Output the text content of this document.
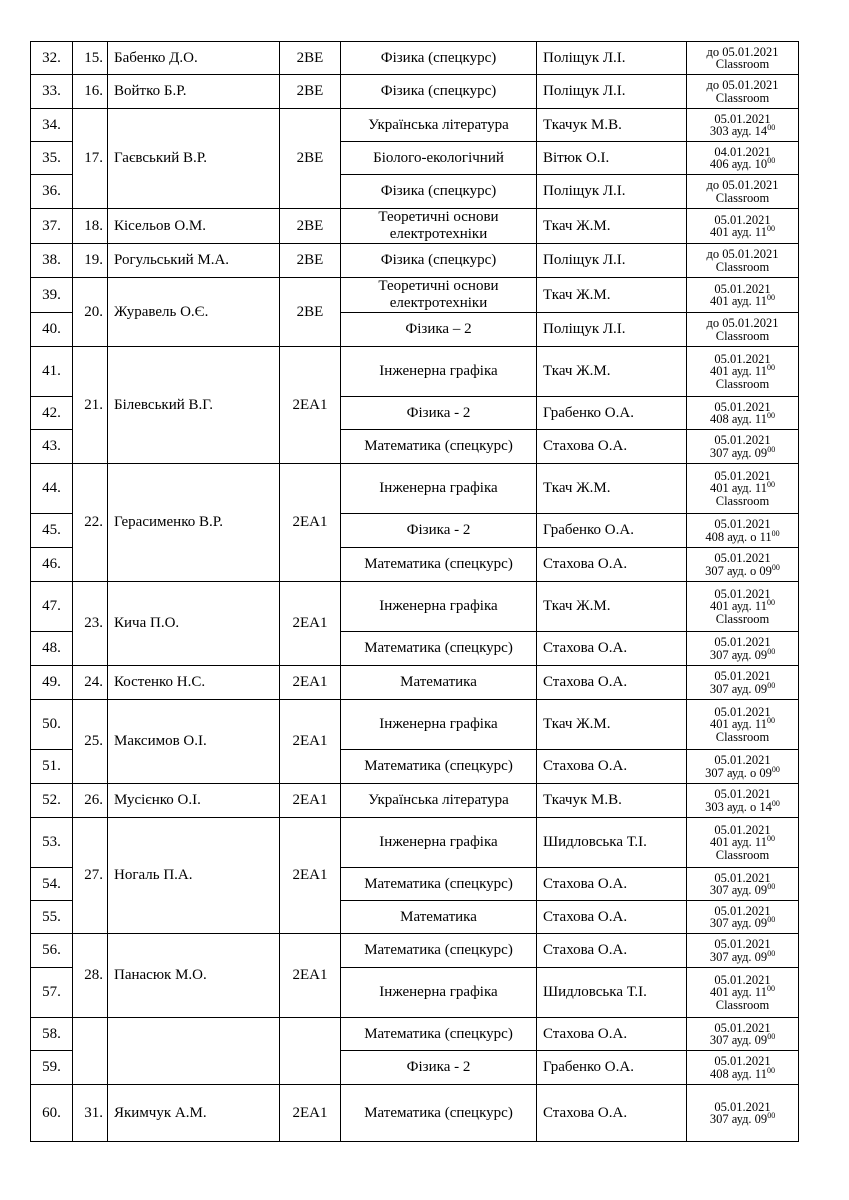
32.	15.	Бабенко Д.О.	2ВЕ	Фізика (спецкурс)	Поліщук Л.І.	до 05.01.2021
Classroom

33.	16.	Войтко Б.Р.	2ВЕ	Фізика (спецкурс)	Поліщук Л.І.	до 05.01.2021
Classroom

34.	17.	Гаєвський В.Р.	2ВЕ	Українська література	Ткачук М.В.	05.01.2021
303 ауд. $14^{00}$

35.				Біолого-екологічний	Вітюк О.І.	04.01.2021
406 ауд. $10^{00}$

36.				Фізика (спецкурс)	Поліщук Л.І.	до 05.01.2021
Classroom

37.	18.	Кісельов О.М.	2ВЕ	Теоретичні основи електротехніки	Ткач Ж.М.	05.01.2021
401 ауд. $11^{00}$

38.	19.	Рогульський М.А.	2ВЕ	Фізика (спецкурс)	Поліщук Л.І.	до 05.01.2021
Classroom

39.	20.	Журавель О.Є.	2ВЕ	Теоретичні основи електротехніки	Ткач Ж.М.	05.01.2021
401 ауд. $11^{00}$

40.				Фізика – 2	Поліщук Л.І.	до 05.01.2021
Classroom

41.	21.	Білевський В.Г.	2ЕА1	Інженерна графіка	Ткач Ж.М.	05.01.2021
401 ауд. $11^{00}$
Classroom

42.				Фізика - 2	Грабенко О.А.	05.01.2021
408 ауд. $11^{00}$

43.				Математика (спецкурс)	Стахова О.А.	05.01.2021
307 ауд. $09^{00}$

44.	22.	Герасименко В.Р.	2ЕА1	Інженерна графіка	Ткач Ж.М.	05.01.2021
401 ауд. $11^{00}$
Classroom

45.				Фізика - 2	Грабенко О.А.	05.01.2021
408 ауд. о $11^{00}$

46.				Математика (спецкурс)	Стахова О.А.	05.01.2021
307 ауд. о $09^{00}$

47.	23.	Кича П.О.	2ЕА1	Інженерна графіка	Ткач Ж.М.	05.01.2021
401 ауд. $11^{00}$
Classroom

48.				Математика (спецкурс)	Стахова О.А.	05.01.2021
307 ауд. $09^{00}$

49.	24.	Костенко Н.С.	2ЕА1	Математика	Стахова О.А.	05.01.2021
307 ауд. $09^{00}$

50.	25.	Максимов О.І.	2ЕА1	Інженерна графіка	Ткач Ж.М.	05.01.2021
401 ауд. $11^{00}$
Classroom

51.				Математика (спецкурс)	Стахова О.А.	05.01.2021
307 ауд. о $09^{00}$

52.	26.	Мусієнко О.І.	2ЕА1	Українська література	Ткачук М.В.	05.01.2021
303 ауд. о $14^{00}$

53.	27.	Ногаль П.А.	2ЕА1	Інженерна графіка	Шидловська Т.І.	05.01.2021
401 ауд. $11^{00}$
Classroom

54.				Математика (спецкурс)	Стахова О.А.	05.01.2021
307 ауд. $09^{00}$

55.				Математика	Стахова О.А.	05.01.2021
307 ауд. $09^{00}$

56.	28.	Панасюк М.О.	2ЕА1	Математика (спецкурс)	Стахова О.А.	05.01.2021
307 ауд. $09^{00}$

57.				Інженерна графіка	Шидловська Т.І.	05.01.2021
401 ауд. $11^{00}$
Classroom

58.				Математика (спецкурс)	Стахова О.А.	05.01.2021
307 ауд. $09^{00}$

59.				Фізика - 2	Грабенко О.А.	05.01.2021
408 ауд. $11^{00}$

60.	31.	Якимчук А.М.	2ЕА1	Математика (спецкурс)	Стахова О.А.	05.01.2021
307 ауд. $09^{00}$
